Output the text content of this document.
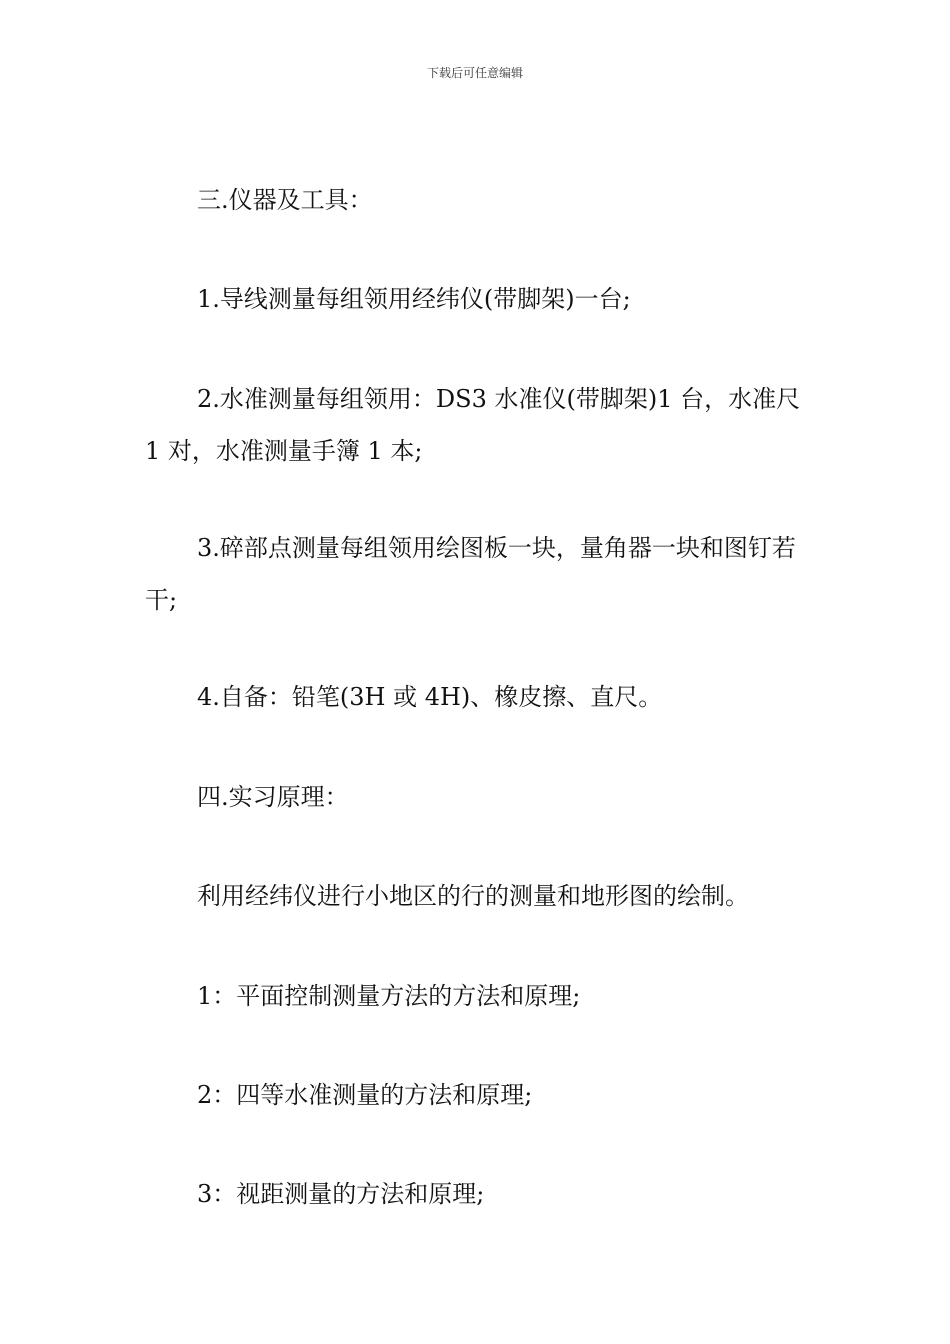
下载后可任意编辑
三.仪器及工具：
1.导线测量每组领用经纬仪(带脚架)一台;
2.水准测量每组领用：DS3 水准仪(带脚架)1 台，水准尺 1 对，水准测量手簿 1 本;
3.碎部点测量每组领用绘图板一块，量角器一块和图钉若干;
4.自备：铅笔(3H 或 4H)、橡皮擦、直尺。
四.实习原理：
利用经纬仪进行小地区的行的测量和地形图的绘制。
1：平面控制测量方法的方法和原理;
2：四等水准测量的方法和原理;
3：视距测量的方法和原理;
